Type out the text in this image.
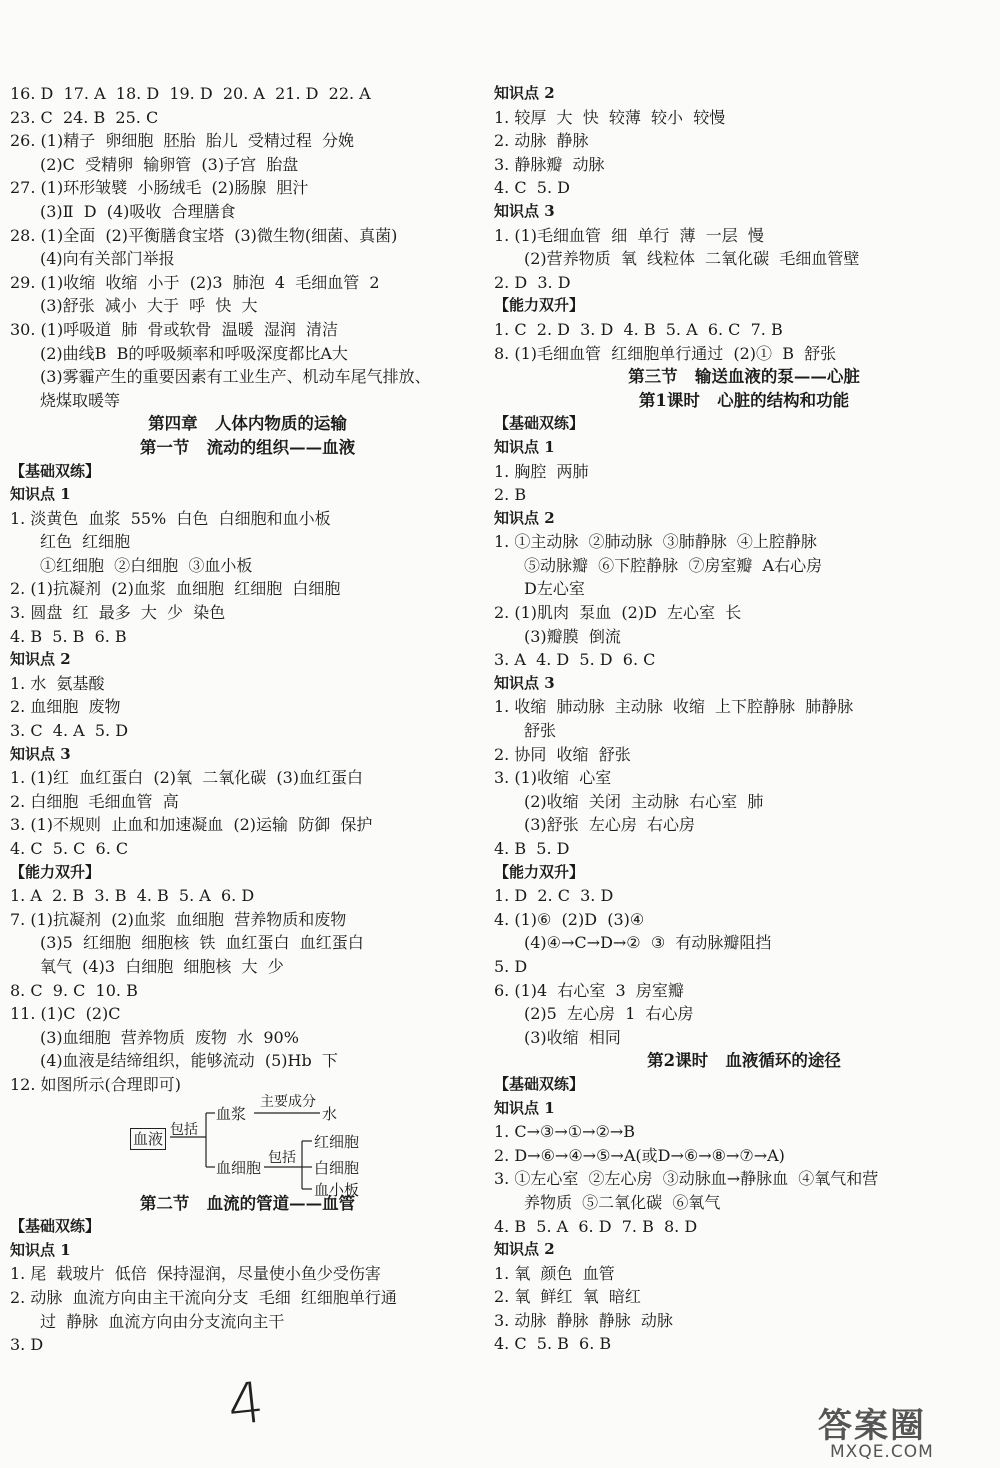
16. D  17. A  18. D  19. D  20. A  21. D  22. A
23. C  24. B  25. C
26. (1)精子  卵细胞  胚胎  胎儿  受精过程  分娩
(2)C  受精卵  输卵管  (3)子宫  胎盘
27. (1)环形皱襞  小肠绒毛  (2)肠腺  胆汁
(3)Ⅱ  D  (4)吸收  合理膳食
28. (1)全面  (2)平衡膳食宝塔  (3)微生物(细菌、真菌)
(4)向有关部门举报
29. (1)收缩  收缩  小于  (2)3  肺泡  4  毛细血管  2
(3)舒张  减小  大于  呼  快  大
30. (1)呼吸道  肺  骨或软骨  温暖  湿润  清洁
(2)曲线B  B的呼吸频率和呼吸深度都比A大
(3)雾霾产生的重要因素有工业生产、机动车尾气排放、
烧煤取暖等
第四章   人体内物质的运输
第一节   流动的组织——血液
【基础双练】
知识点 1
1. 淡黄色  血浆  55%  白色  白细胞和血小板
红色  红细胞
①红细胞  ②白细胞  ③血小板
2. (1)抗凝剂  (2)血浆  血细胞  红细胞  白细胞
3. 圆盘  红  最多  大  少  染色
4. B  5. B  6. B
知识点 2
1. 水  氨基酸
2. 血细胞  废物
3. C  4. A  5. D
知识点 3
1. (1)红  血红蛋白  (2)氧  二氧化碳  (3)血红蛋白
2. 白细胞  毛细血管  高
3. (1)不规则  止血和加速凝血  (2)运输  防御  保护
4. C  5. C  6. C
【能力双升】
1. A  2. B  3. B  4. B  5. A  6. D
7. (1)抗凝剂  (2)血浆  血细胞  营养物质和废物
(3)5  红细胞  细胞核  铁  血红蛋白  血红蛋白
氧气  (4)3  白细胞  细胞核  大  少
8. C  9. C  10. B
11. (1)C  (2)C
(3)血细胞  营养物质  废物  水  90%
(4)血液是结缔组织，能够流动  (5)Hb  下
12. 如图所示(合理即可)
血液 包括
血浆
主要成分
水
血细胞
包括
红细胞
白细胞
血小板
第二节   血流的管道——血管
【基础双练】
知识点 1
1. 尾  载玻片  低倍  保持湿润，尽量使小鱼少受伤害
2. 动脉  血流方向由主干流向分支  毛细  红细胞单行通
过  静脉  血流方向由分支流向主干
3. D
知识点 2
1. 较厚  大  快  较薄  较小  较慢
2. 动脉  静脉
3. 静脉瓣  动脉
4. C  5. D
知识点 3
1. (1)毛细血管  细  单行  薄  一层  慢
(2)营养物质  氧  线粒体  二氧化碳  毛细血管壁
2. D  3. D
【能力双升】
1. C  2. D  3. D  4. B  5. A  6. C  7. B
8. (1)毛细血管  红细胞单行通过  (2)①  B  舒张
第三节   输送血液的泵——心脏
第1课时   心脏的结构和功能
【基础双练】
知识点 1
1. 胸腔  两肺
2. B
知识点 2
1. ①主动脉  ②肺动脉  ③肺静脉  ④上腔静脉
⑤动脉瓣  ⑥下腔静脉  ⑦房室瓣  A右心房
D左心室
2. (1)肌肉  泵血  (2)D  左心室  长
(3)瓣膜  倒流
3. A  4. D  5. D  6. C
知识点 3
1. 收缩  肺动脉  主动脉  收缩  上下腔静脉  肺静脉
舒张
2. 协同  收缩  舒张
3. (1)收缩  心室
(2)收缩  关闭  主动脉  右心室  肺
(3)舒张  左心房  右心房
4. B  5. D
【能力双升】
1. D  2. C  3. D
4. (1)⑥  (2)D  (3)④
(4)④→C→D→②  ③  有动脉瓣阻挡
5. D
6. (1)4  右心室  3  房室瓣
(2)5  左心房  1  右心房
(3)收缩  相同
第2课时   血液循环的途径
【基础双练】
知识点 1
1. C→③→①→②→B
2. D→⑥→④→⑤→A(或D→⑥→⑧→⑦→A)
3. ①左心室  ②左心房  ③动脉血→静脉血  ④氧气和营
养物质  ⑤二氧化碳  ⑥氧气
4. B  5. A  6. D  7. B  8. D
知识点 2
1. 氧  颜色  血管
2. 氧  鲜红  氧  暗红
3. 动脉  静脉  静脉  动脉
4. C  5. B  6. B
4	答案圈
MXQE.COM
